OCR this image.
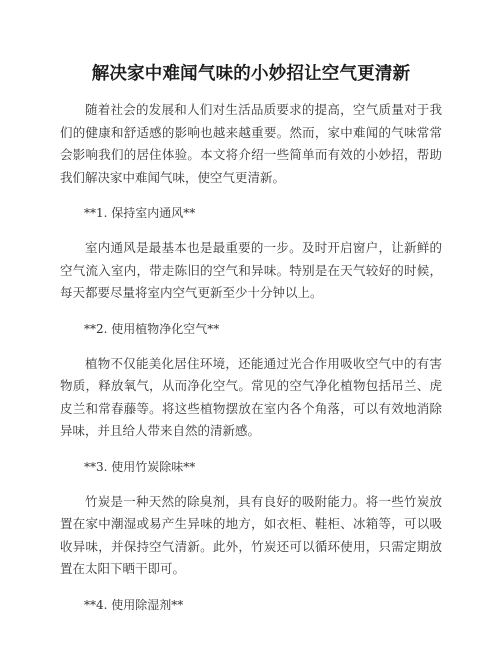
解决家中难闻气味的小妙招让空气更清新

随着社会的发展和人们对生活品质要求的提高，空气质量对于我们的健康和舒适感的影响也越来越重要。然而，家中难闻的气味常常会影响我们的居住体验。本文将介绍一些简单而有效的小妙招，帮助我们解决家中难闻气味，使空气更清新。

**1. 保持室内通风**

室内通风是最基本也是最重要的一步。及时开启窗户，让新鲜的空气流入室内，带走陈旧的空气和异味。特别是在天气较好的时候，每天都要尽量将室内空气更新至少十分钟以上。

**2. 使用植物净化空气**

植物不仅能美化居住环境，还能通过光合作用吸收空气中的有害物质，释放氧气，从而净化空气。常见的空气净化植物包括吊兰、虎皮兰和常春藤等。将这些植物摆放在室内各个角落，可以有效地消除异味，并且给人带来自然的清新感。

**3. 使用竹炭除味**

竹炭是一种天然的除臭剂，具有良好的吸附能力。将一些竹炭放置在家中潮湿或易产生异味的地方，如衣柜、鞋柜、冰箱等，可以吸收异味，并保持空气清新。此外，竹炭还可以循环使用，只需定期放置在太阳下晒干即可。

**4. 使用除湿剂**
